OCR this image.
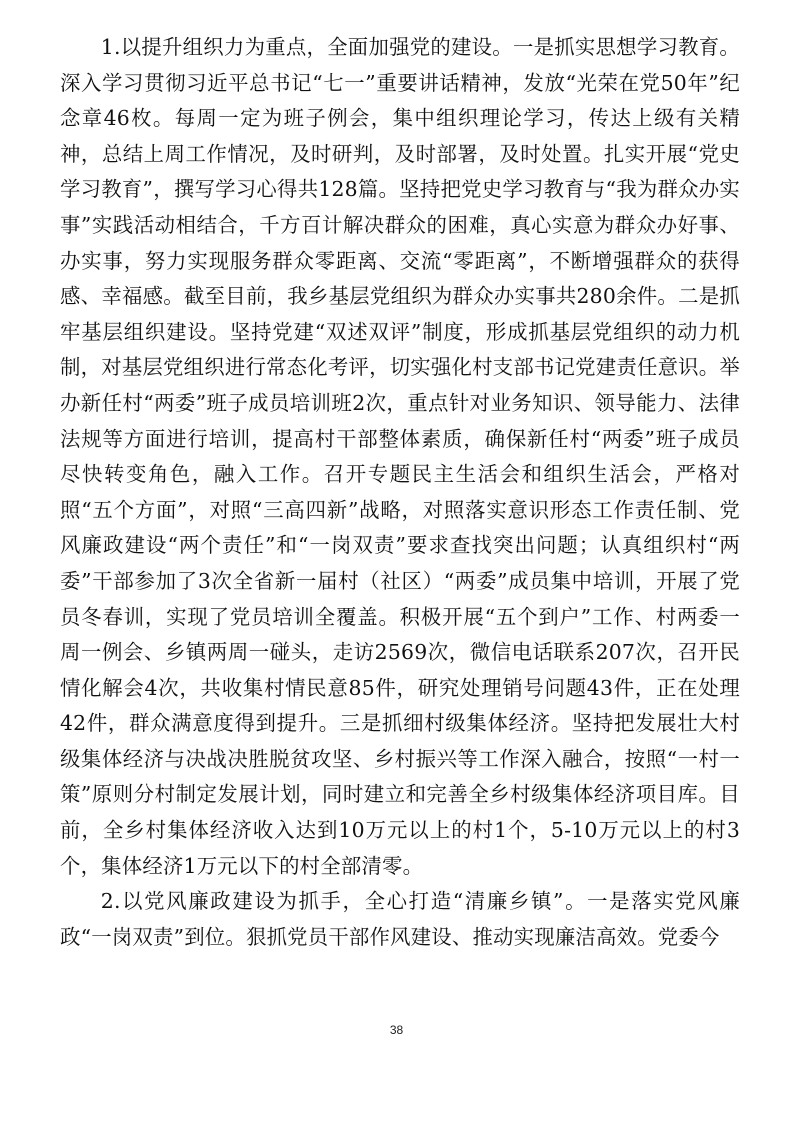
1.以提升组织力为重点，全面加强党的建设。一是抓实思想学习教育。深入学习贯彻习近平总书记“七一”重要讲话精神，发放“光荣在党50年”纪念章46枚。每周一定为班子例会，集中组织理论学习，传达上级有关精神，总结上周工作情况，及时研判，及时部署，及时处置。扎实开展“党史学习教育”，撰写学习心得共128篇。坚持把党史学习教育与“我为群众办实事”实践活动相结合，千方百计解决群众的困难，真心实意为群众办好事、办实事，努力实现服务群众零距离、交流“零距离”，不断增强群众的获得感、幸福感。截至目前，我乡基层党组织为群众办实事共280余件。二是抓牢基层组织建设。坚持党建“双述双评”制度，形成抓基层党组织的动力机制，对基层党组织进行常态化考评，切实强化村支部书记党建责任意识。举办新任村“两委”班子成员培训班2次，重点针对业务知识、领导能力、法律法规等方面进行培训，提高村干部整体素质，确保新任村“两委”班子成员尽快转变角色，融入工作。召开专题民主生活会和组织生活会，严格对照“五个方面”，对照“三高四新”战略，对照落实意识形态工作责任制、党风廉政建设“两个责任”和“一岗双责”要求查找突出问题；认真组织村“两委”干部参加了3次全省新一届村（社区）“两委”成员集中培训，开展了党员冬春训，实现了党员培训全覆盖。积极开展“五个到户”工作、村两委一周一例会、乡镇两周一碰头，走访2569次，微信电话联系207次，召开民情化解会4次，共收集村情民意85件，研究处理销号问题43件，正在处理42件，群众满意度得到提升。三是抓细村级集体经济。坚持把发展壮大村级集体经济与决战决胜脱贫攻坚、乡村振兴等工作深入融合，按照“一村一策”原则分村制定发展计划，同时建立和完善全乡村级集体经济项目库。目前，全乡村集体经济收入达到10万元以上的村1个，5-10万元以上的村3个，集体经济1万元以下的村全部清零。

2.以党风廉政建设为抓手，全心打造“清廉乡镇”。一是落实党风廉政“一岗双责”到位。狠抓党员干部作风建设、推动实现廉洁高效。党委今

38
